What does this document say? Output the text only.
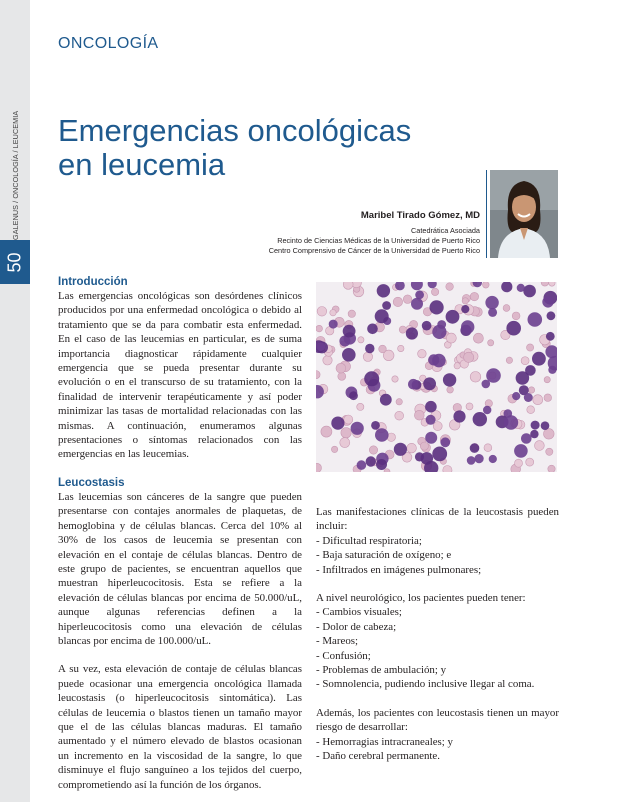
GALENUS / ONCOLOGÍA / LEUCEMIA
50
ONCOLOGÍA
Emergencias oncológicas
en leucemia
Maribel Tirado Gómez, MD
Catedrática Asociada
Recinto de Ciencias Médicas de la Universidad de Puerto Rico
Centro Comprensivo de Cáncer de la Universidad de Puerto Rico
Introducción

Las emergencias oncológicas son desórdenes clínicos producidos por una enfermedad oncológica o debido al tratamiento que se da para combatir esta enfermedad. En el caso de las leucemias en particular, es de suma importancia diagnosticar rápidamente cualquier emergencia que se pueda presentar durante su evolución o en el transcurso de su tratamiento, con la finalidad de intervenir terapéuticamente y así poder minimizar las tasas de mortalidad relacionadas con las mismas. A continuación, enumeramos algunas presentaciones o síntomas relacionados con las emergencias en las leucemias.

Leucostasis

Las leucemias son cánceres de la sangre que pueden presentarse con contajes anormales de plaquetas, de hemoglobina y de células blancas. Cerca del 10% al 30% de los casos de leucemia se presentan con elevación en el contaje de células blancas. Dentro de este grupo de pacientes, se encuentran aquellos que muestran hiperleucocitosis. Esta se refiere a la elevación de células blancas por encima de 50.000/uL, aunque algunas referencias definen a la hiperleucocitosis como una elevación de células blancas por encima de 100.000/uL.

A su vez, esta elevación de contaje de células blancas puede ocasionar una emergencia oncológica llamada leucostasis (o hiperleucocitosis sintomática). Las células de leucemia o blastos tienen un tamaño mayor que el de las células blancas maduras. El tamaño aumentado y el número elevado de blastos ocasionan un incremento en la viscosidad de la sangre, lo que disminuye el flujo sanguíneo a los tejidos del cuerpo, comprometiendo así la función de los órganos.

Las manifestaciones clínicas de la leucostasis pueden incluir:

- Dificultad respiratoria;
- Baja saturación de oxígeno; e
- Infiltrados en imágenes pulmonares;

A nivel neurológico, los pacientes pueden tener:

- Cambios visuales;
- Dolor de cabeza;
- Mareos;
- Confusión;
- Problemas de ambulación; y
- Somnolencia, pudiendo inclusive llegar al coma.

Además, los pacientes con leucostasis tienen un mayor riesgo de desarrollar:

- Hemorragias intracraneales; y
- Daño cerebral permanente.
